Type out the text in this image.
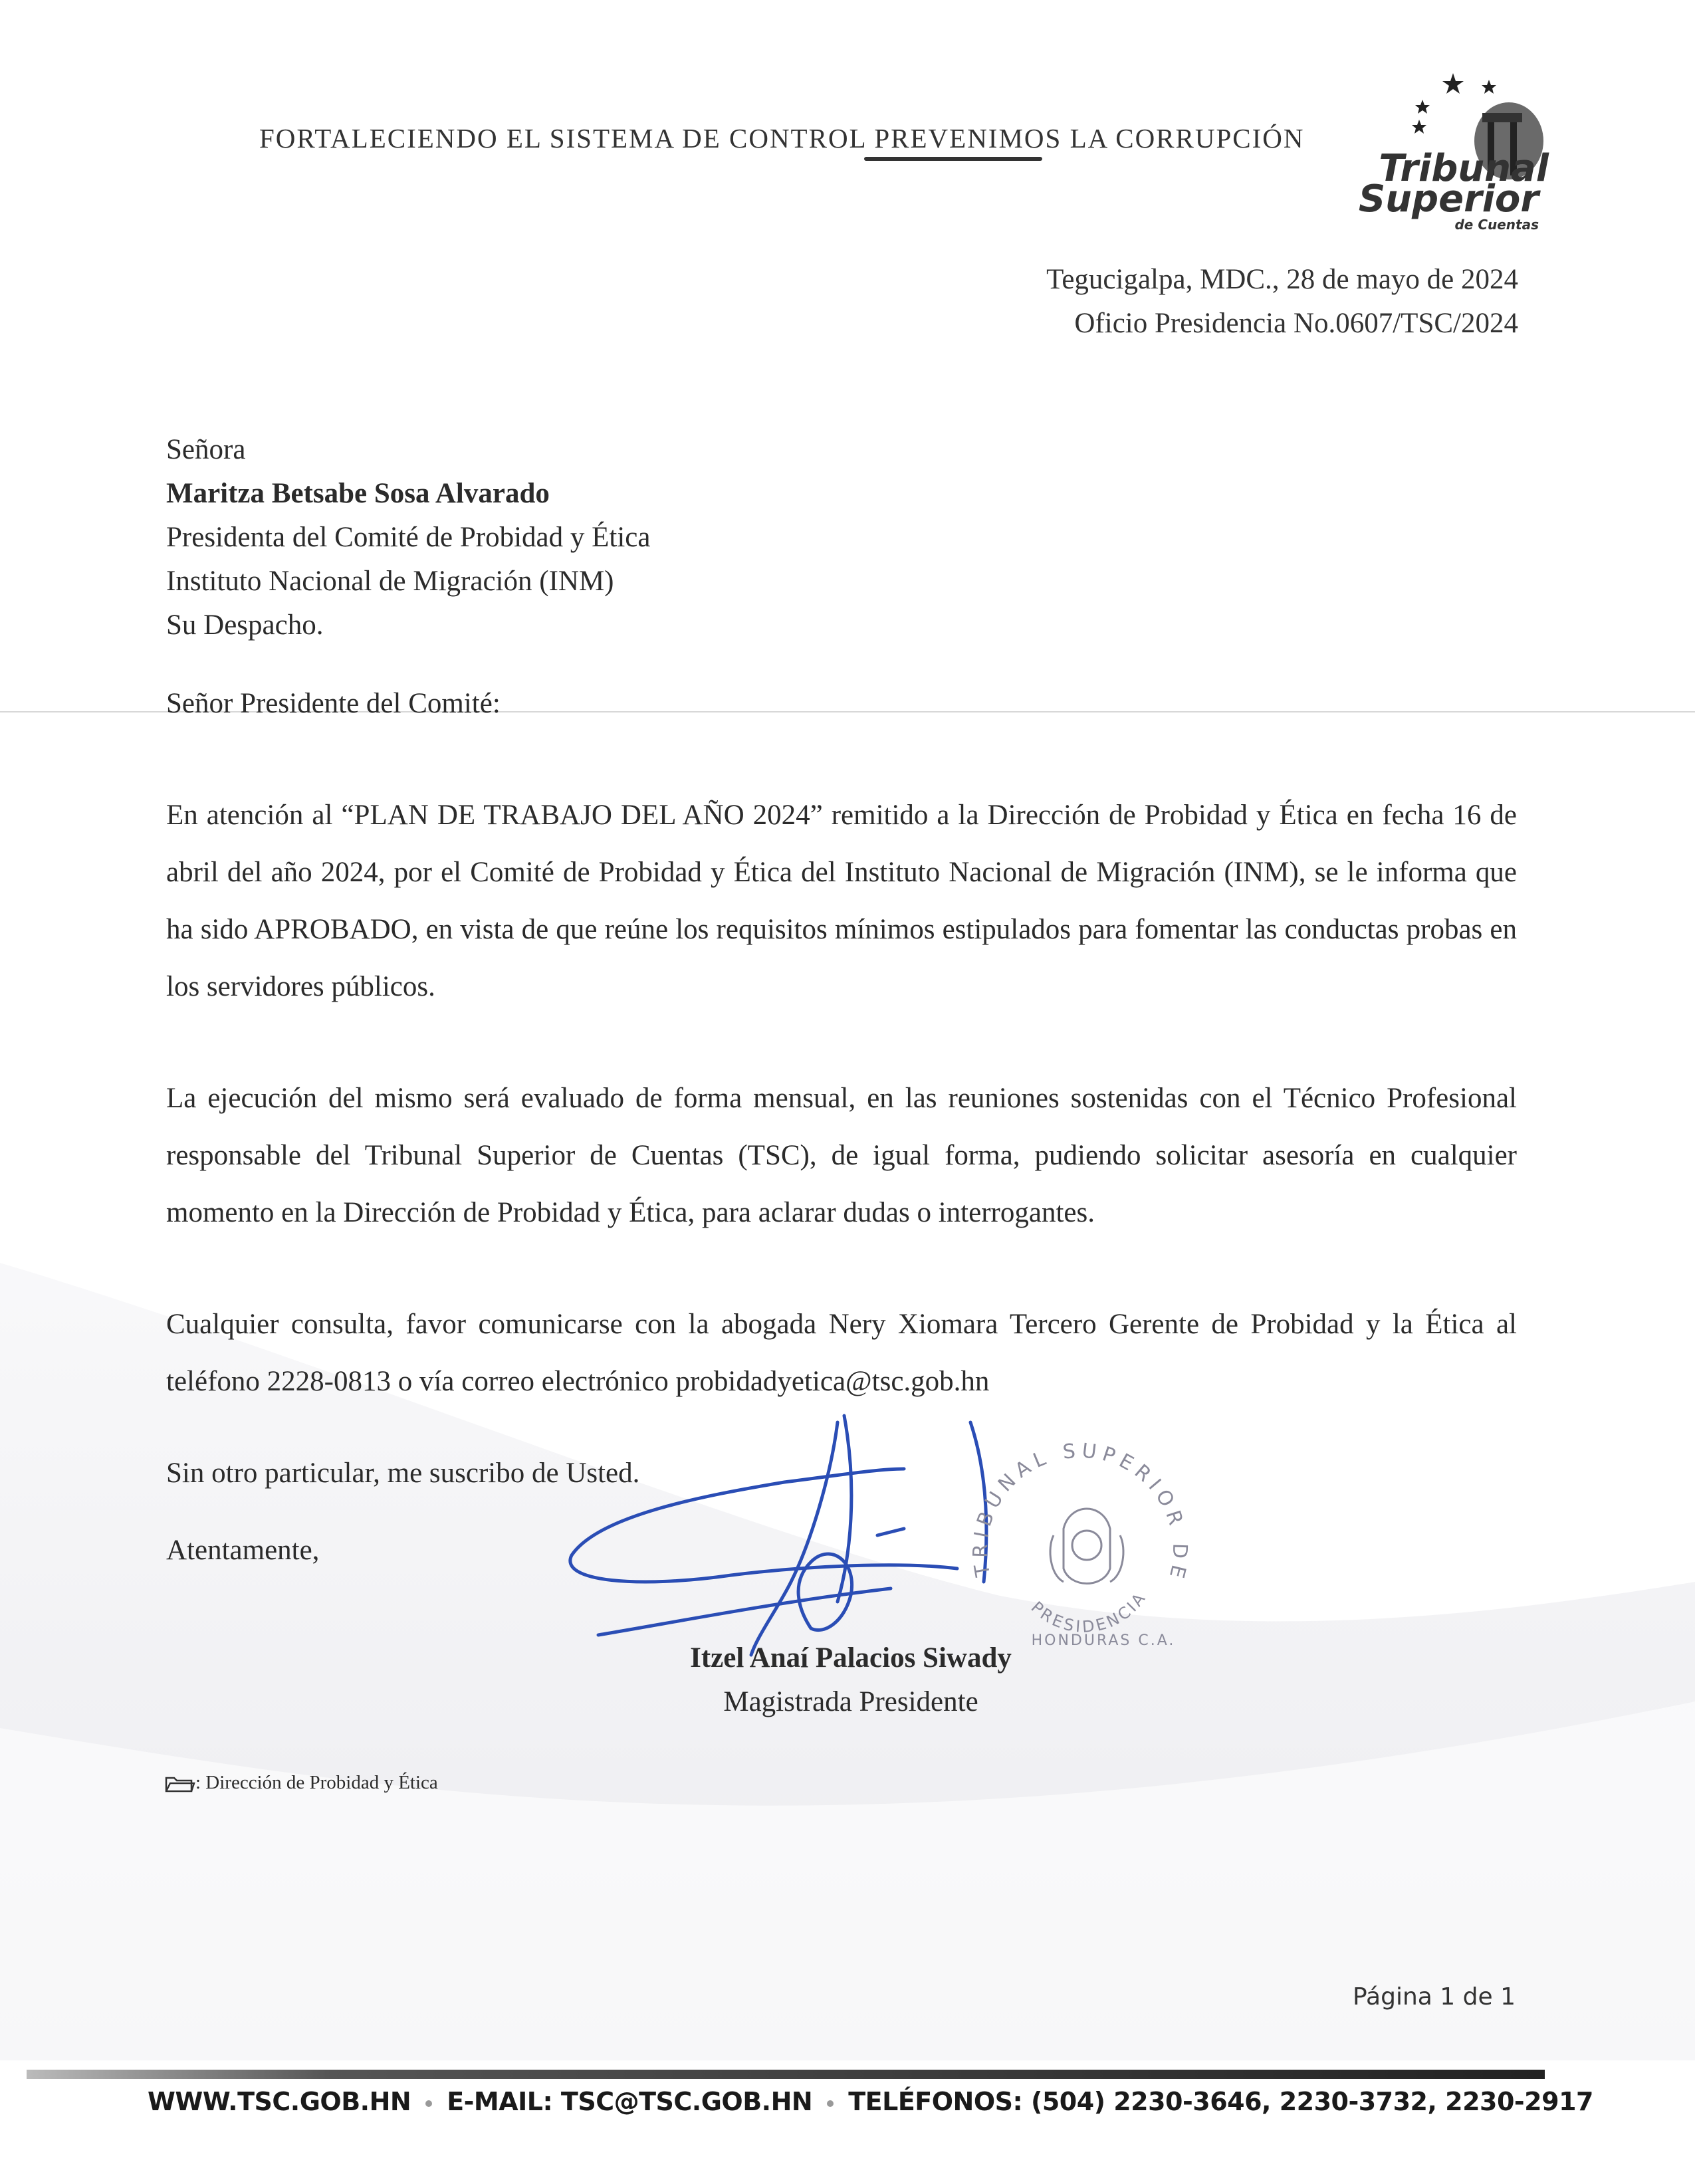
FORTALECIENDO EL SISTEMA DE CONTROL PREVENIMOS LA CORRUPCIÓN
Tribunal
Superior
de Cuentas
Tegucigalpa, MDC., 28 de mayo de 2024
Oficio Presidencia No.0607/TSC/2024
Señora
Maritza Betsabe Sosa Alvarado
Presidenta del Comité de Probidad y Ética
Instituto Nacional de Migración (INM)
Su Despacho.
Señor Presidente del Comité:
En atención al “PLAN DE TRABAJO DEL AÑO 2024” remitido a la Dirección de Probidad y Ética en fecha 16 de abril del año 2024, por el Comité de Probidad y Ética del Instituto Nacional de Migración (INM), se le informa que ha sido APROBADO, en vista de que reúne los requisitos mínimos estipulados para fomentar las conductas probas en los servidores públicos.
La ejecución del mismo será evaluado de forma mensual, en las reuniones sostenidas con el Técnico Profesional responsable del Tribunal Superior de Cuentas (TSC), de igual forma, pudiendo solicitar asesoría en cualquier momento en la Dirección de Probidad y Ética, para aclarar dudas o interrogantes.
Cualquier consulta, favor comunicarse con la abogada Nery Xiomara Tercero Gerente de Probidad y la Ética al teléfono 2228-0813 o vía correo electrónico probidadyetica@tsc.gob.hn
Sin otro particular, me suscribo de Usted.
Atentamente,
TRIBUNAL SUPERIOR DE
PRESIDENCIA
HONDURAS C.A.
Itzel Anaí Palacios Siwady
Magistrada Presidente
: Dirección de Probidad y Ética
Página 1 de 1
WWW.TSC.GOB.HN E-MAIL: TSC@TSC.GOB.HN TELÉFONOS: (504) 2230-3646, 2230-3732, 2230-2917
